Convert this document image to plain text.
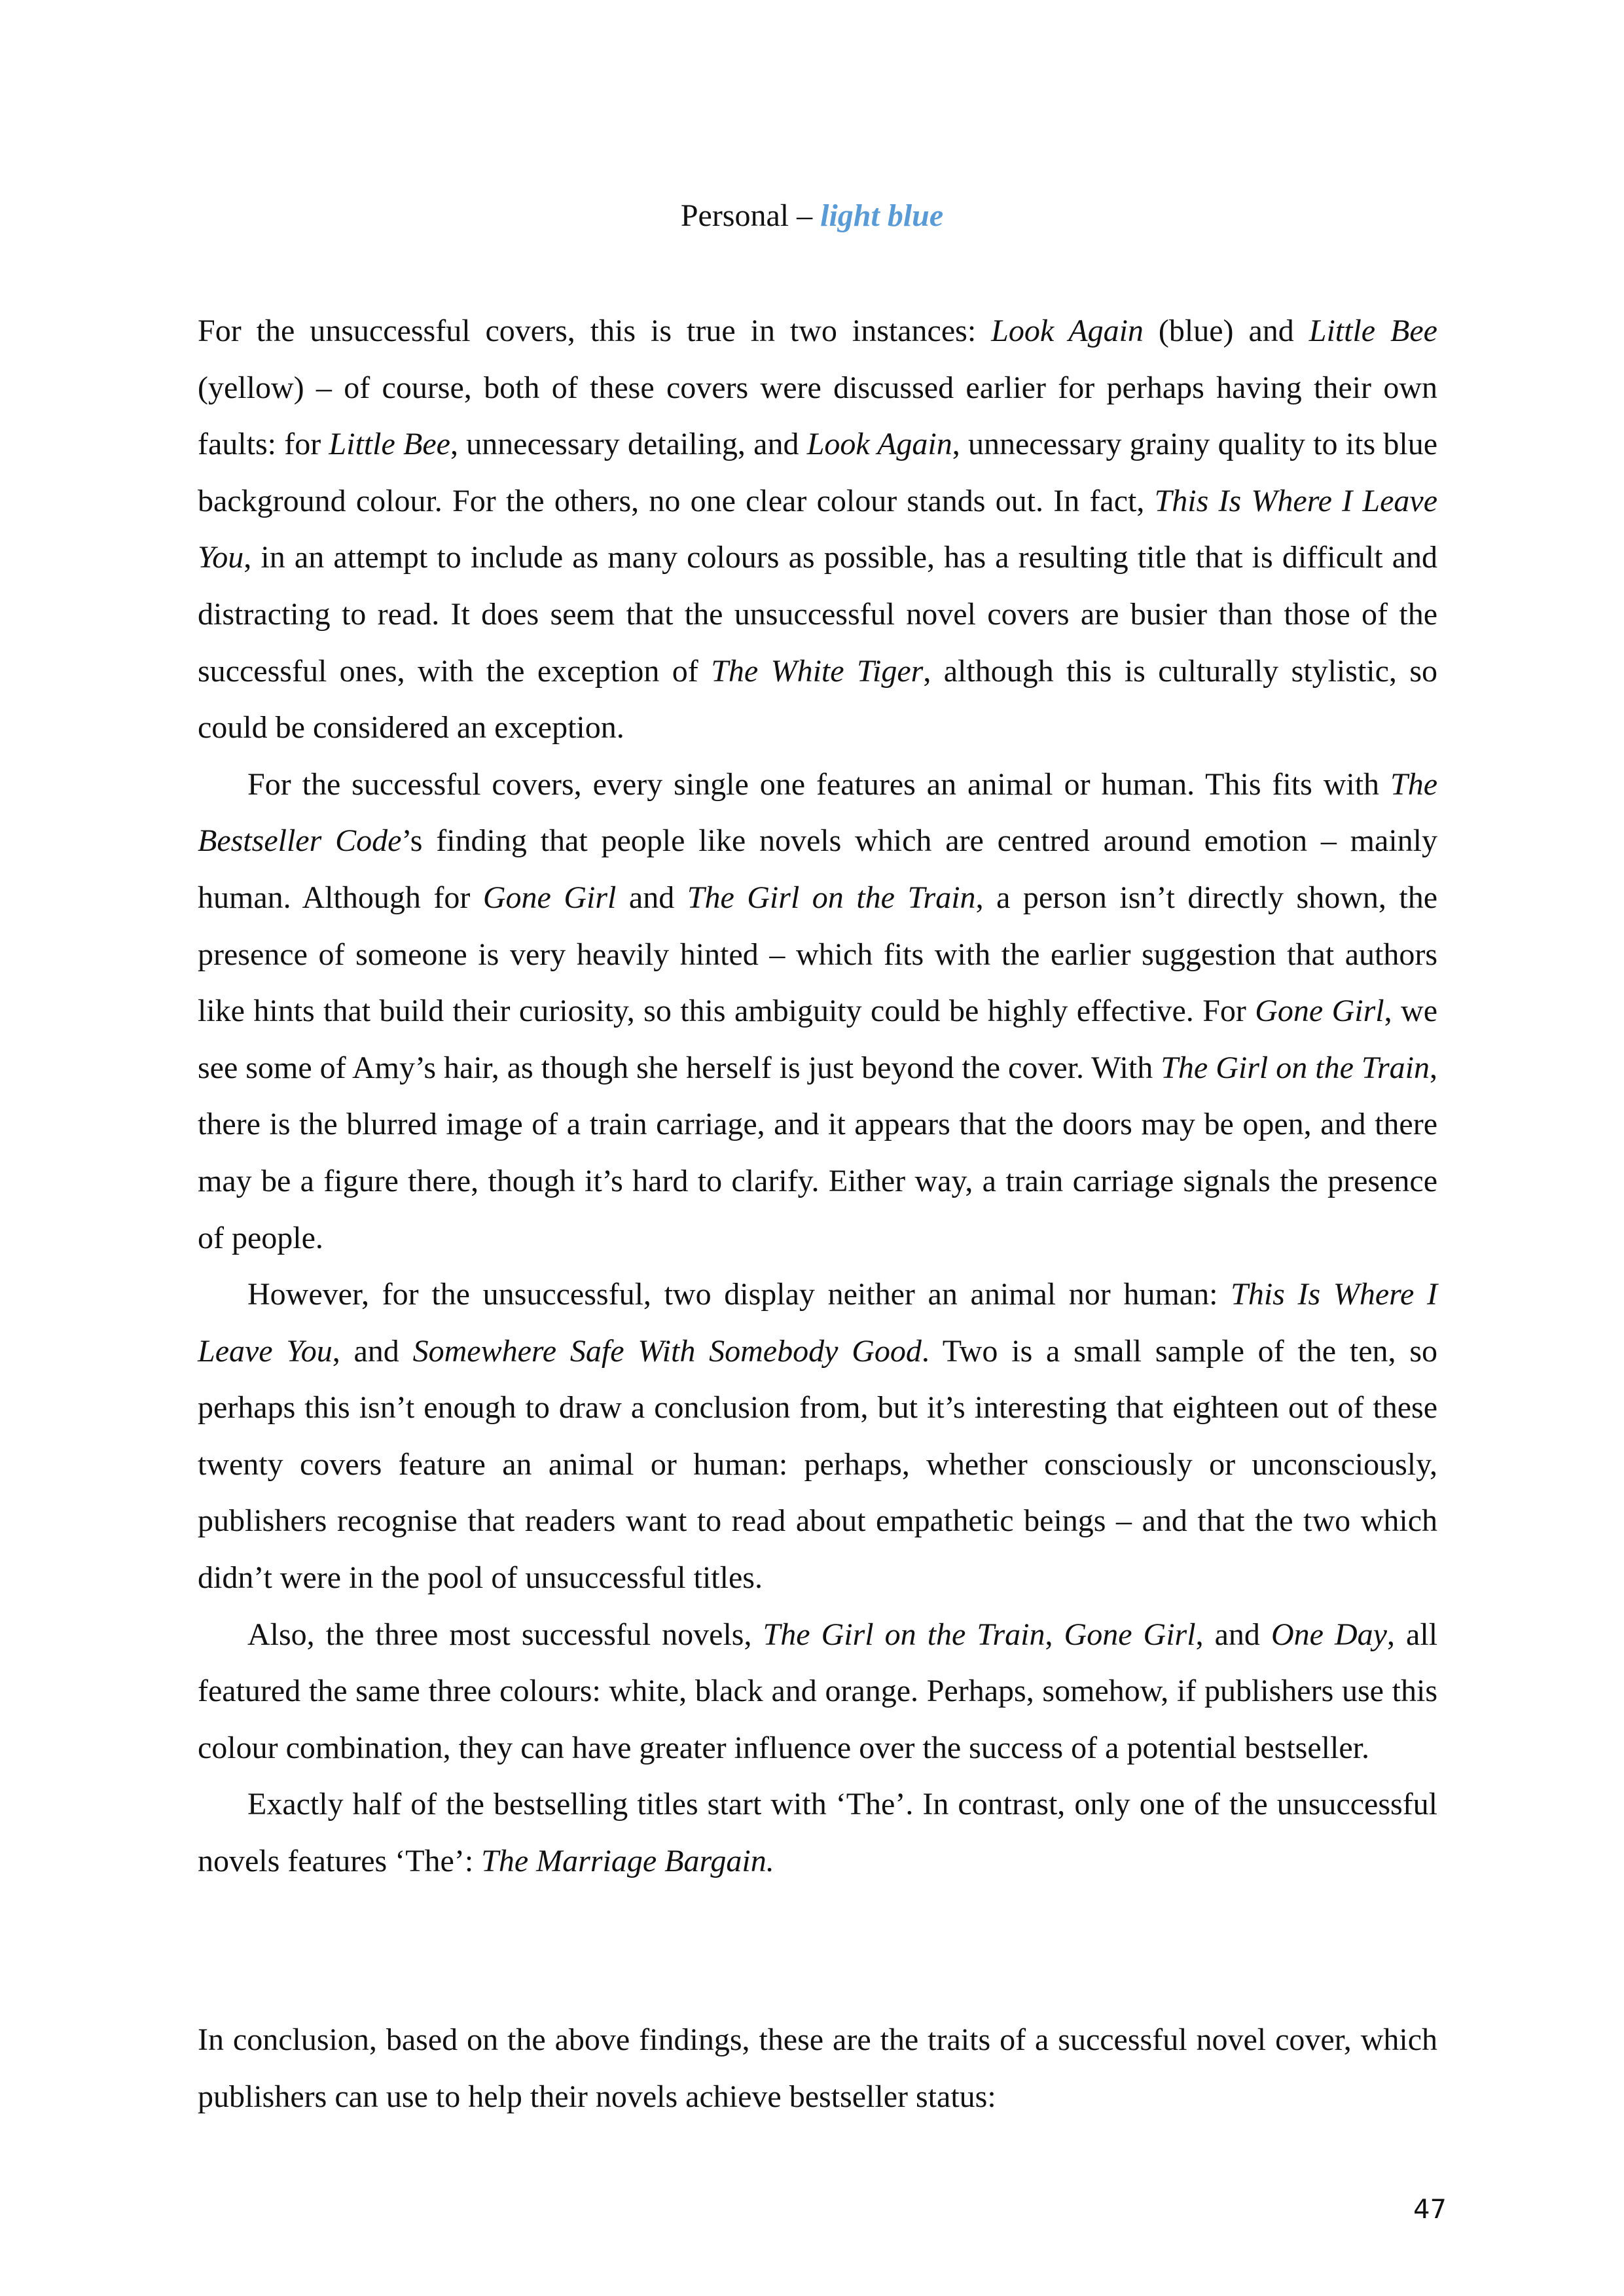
Personal – light blue

For the unsuccessful covers, this is true in two instances: Look Again (blue) and Little Bee (yellow) – of course, both of these covers were discussed earlier for perhaps having their own faults: for Little Bee, unnecessary detailing, and Look Again, unnecessary grainy quality to its blue background colour. For the others, no one clear colour stands out. In fact, This Is Where I Leave You, in an attempt to include as many colours as possible, has a resulting title that is difficult and distracting to read. It does seem that the unsuccessful novel covers are busier than those of the successful ones, with the exception of The White Tiger, although this is culturally stylistic, so could be considered an exception.

For the successful covers, every single one features an animal or human. This fits with The Bestseller Code’s finding that people like novels which are centred around emotion – mainly human. Although for Gone Girl and The Girl on the Train, a person isn’t directly shown, the presence of someone is very heavily hinted – which fits with the earlier suggestion that authors like hints that build their curiosity, so this ambiguity could be highly effective. For Gone Girl, we see some of Amy’s hair, as though she herself is just beyond the cover. With The Girl on the Train, there is the blurred image of a train carriage, and it appears that the doors may be open, and there may be a figure there, though it’s hard to clarify. Either way, a train carriage signals the presence of people.

However, for the unsuccessful, two display neither an animal nor human: This Is Where I Leave You, and Somewhere Safe With Somebody Good. Two is a small sample of the ten, so perhaps this isn’t enough to draw a conclusion from, but it’s interesting that eighteen out of these twenty covers feature an animal or human: perhaps, whether consciously or unconsciously, publishers recognise that readers want to read about empathetic beings – and that the two which didn’t were in the pool of unsuccessful titles.

Also, the three most successful novels, The Girl on the Train, Gone Girl, and One Day, all featured the same three colours: white, black and orange. Perhaps, somehow, if publishers use this colour combination, they can have greater influence over the success of a potential bestseller.

Exactly half of the bestselling titles start with ‘The’. In contrast, only one of the unsuccessful novels features ‘The’: The Marriage Bargain.

In conclusion, based on the above findings, these are the traits of a successful novel cover, which publishers can use to help their novels achieve bestseller status:

47
